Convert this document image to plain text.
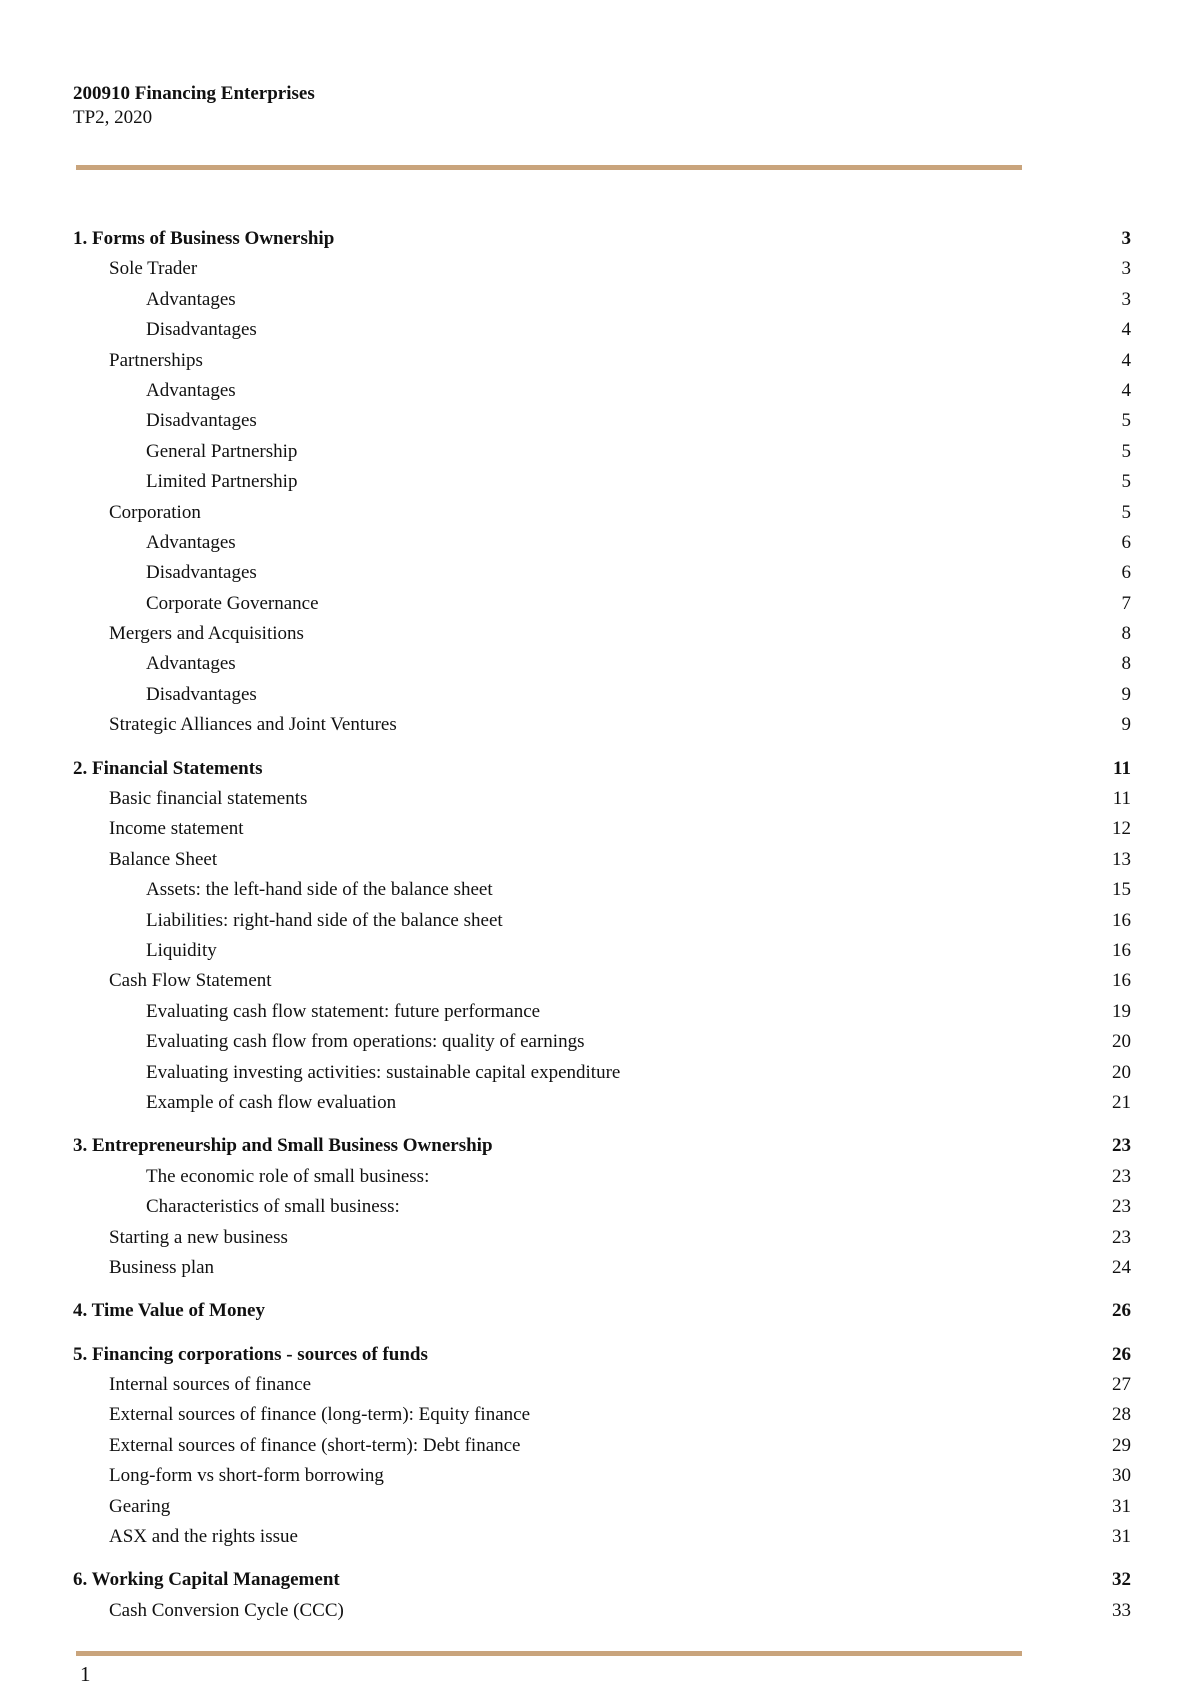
200910 Financing Enterprises
TP2, 2020
1. Forms of Business Ownership	3
Sole Trader	3
Advantages	3
Disadvantages	4
Partnerships	4
Advantages	4
Disadvantages	5
General Partnership	5
Limited Partnership	5
Corporation	5
Advantages	6
Disadvantages	6
Corporate Governance	7
Mergers and Acquisitions	8
Advantages	8
Disadvantages	9
Strategic Alliances and Joint Ventures	9
2. Financial Statements	11
Basic financial statements	11
Income statement	12
Balance Sheet	13
Assets: the left-hand side of the balance sheet	15
Liabilities: right-hand side of the balance sheet	16
Liquidity	16
Cash Flow Statement	16
Evaluating cash flow statement: future performance	19
Evaluating cash flow from operations: quality of earnings	20
Evaluating investing activities: sustainable capital expenditure	20
Example of cash flow evaluation	21
3. Entrepreneurship and Small Business Ownership	23
The economic role of small business:	23
Characteristics of small business:	23
Starting a new business	23
Business plan	24
4. Time Value of Money	26
5. Financing corporations - sources of funds	26
Internal sources of finance	27
External sources of finance (long-term): Equity finance	28
External sources of finance (short-term): Debt finance	29
Long-form vs short-form borrowing	30
Gearing	31
ASX and the rights issue	31
6. Working Capital Management	32
Cash Conversion Cycle (CCC)	33
1
